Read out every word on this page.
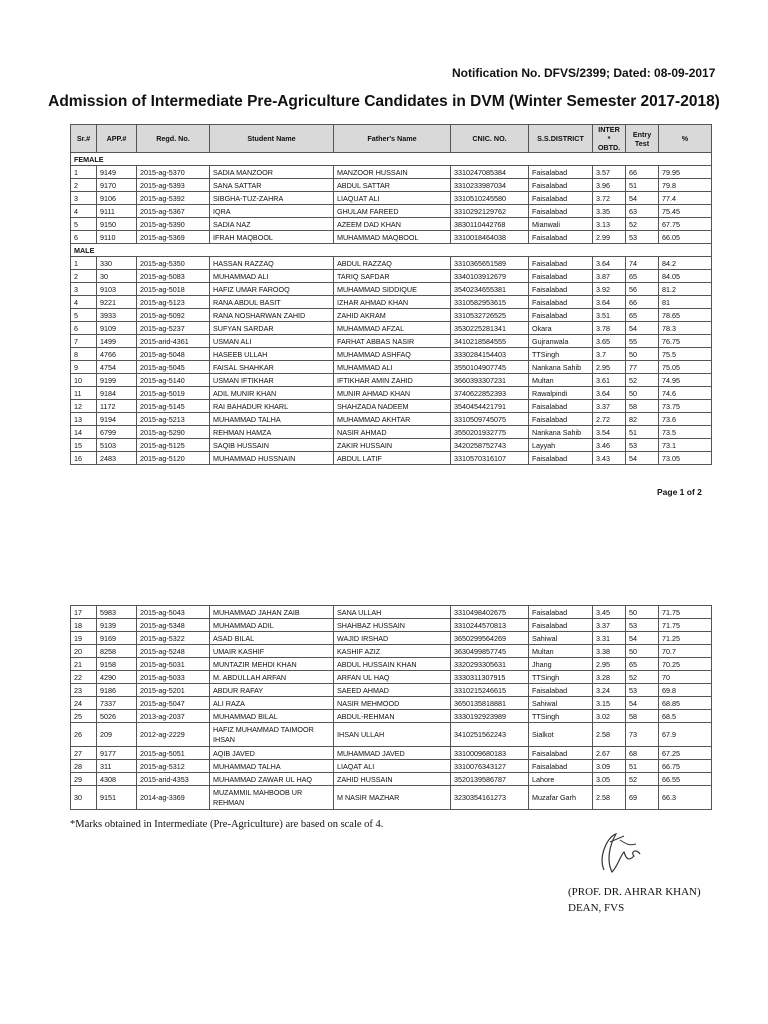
Notification No. DFVS/2399; Dated: 08-09-2017
Admission of Intermediate Pre-Agriculture Candidates in DVM (Winter Semester 2017-2018)
Sr.#	APP.#	Regd. No.	Student Name	Father's Name	CNIC. NO.	S.S.DISTRICT	INTER * OBTD.	Entry Test	%
FEMALE									
1	9149	2015-ag-5370	SADIA MANZOOR	MANZOOR HUSSAIN	3310247085384	Faisalabad	3.57	66	79.95
2	9170	2015-ag-5393	SANA SATTAR	ABDUL SATTAR	3310233987034	Faisalabad	3.96	51	79.8
3	9106	2015-ag-5392	SIBGHA-TUZ-ZAHRA	LIAQUAT ALI	3310510245580	Faisalabad	3.72	54	77.4
4	9111	2015-ag-5367	IQRA	GHULAM FAREED	3310292129762	Faisalabad	3.35	63	75.45
5	9150	2015-ag-5390	SADIA NAZ	AZEEM DAD KHAN	3830110442768	Mianwali	3.13	52	67.75
6	9110	2015-ag-5369	IFRAH MAQBOOL	MUHAMMAD MAQBOOL	3310018464038	Faisalabad	2.99	53	66.05
MALE									
1	330	2015-ag-5350	HASSAN RAZZAQ	ABDUL RAZZAQ	3310365651589	Faisalabad	3.64	74	84.2
2	30	2015-ag-5083	MUHAMMAD ALI	TARIQ SAFDAR	3340103912679	Faisalabad	3.87	65	84.05
3	9103	2015-ag-5018	HAFIZ UMAR FAROOQ	MUHAMMAD SIDDIQUE	3540234655381	Faisalabad	3.92	56	81.2
4	9221	2015-ag-5123	RANA ABDUL BASIT	IZHAR AHMAD KHAN	3310582953615	Faisalabad	3.64	66	81
5	3933	2015-ag-5092	RANA NOSHARWAN ZAHID	ZAHID AKRAM	3310532726525	Faisalabad	3.51	65	78.65
6	9109	2015-ag-5237	SUFYAN SARDAR	MUHAMMAD AFZAL	3530225281341	Okara	3.78	54	78.3
7	1499	2015-arid-4361	USMAN ALI	FARHAT ABBAS NASIR	3410218584555	Gujranwala	3.65	55	76.75
8	4766	2015-ag-5048	HASEEB ULLAH	MUHAMMAD ASHFAQ	3330284154403	TTSingh	3.7	50	75.5
9	4754	2015-ag-5045	FAISAL SHAHKAR	MUHAMMAD ALI	3550104907745	Nankana Sahib	2.95	77	75.05
10	9199	2015-ag-5140	USMAN IFTIKHAR	IFTIKHAR AMIN ZAHID	3660393307231	Multan	3.61	52	74.95
11	9184	2015-ag-5019	ADIL MUNIR KHAN	MUNIR AHMAD KHAN	3740622852393	Rawalpindi	3.64	50	74.6
12	1172	2015-ag-5145	RAI BAHADUR KHARL	SHAHZADA NADEEM	3540454421791	Faisalabad	3.37	58	73.75
13	9194	2015-ag-5213	MUHAMMAD TALHA	MUHAMMAD AKHTAR	3310509745075	Faisalabad	2.72	82	73.6
14	6799	2015-ag-5290	REHMAN HAMZA	NASIR AHMAD	3550201932775	Nankana Sahib	3.54	51	73.5
15	5103	2015-ag-5125	SAQIB HUSSAIN	ZAKIR HUSSAIN	3420258752743	Layyah	3.46	53	73.1
16	2483	2015-ag-5120	MUHAMMAD HUSSNAIN	ABDUL LATIF	3310570316107	Faisalabad	3.43	54	73.05
Page 1 of 2
17	5983	2015-ag-5043	MUHAMMAD JAHAN ZAIB	SANA ULLAH	3310498402675	Faisalabad	3.45	50	71.75
18	9139	2015-ag-5348	MUHAMMAD ADIL	SHAHBAZ HUSSAIN	3310244570813	Faisalabad	3.37	53	71.75
19	9169	2015-ag-5322	ASAD BILAL	WAJID IRSHAD	3650299564269	Sahiwal	3.31	54	71.25
20	8258	2015-ag-5248	UMAIR KASHIF	KASHIF AZIZ	3630499857745	Multan	3.38	50	70.7
21	9158	2015-ag-5031	MUNTAZIR MEHDI KHAN	ABDUL HUSSAIN KHAN	3320293305631	Jhang	2.95	65	70.25
22	4290	2015-ag-5033	M. ABDULLAH ARFAN	ARFAN UL HAQ	3330311307915	TTSingh	3.28	52	70
23	9186	2015-ag-5201	ABDUR RAFAY	SAEED AHMAD	3310215246615	Faisalabad	3.24	53	69.8
24	7337	2015-ag-5047	ALI RAZA	NASIR MEHMOOD	3650135818881	Sahiwal	3.15	54	68.85
25	5026	2013-ag-2037	MUHAMMAD BILAL	ABDUL-REHMAN	3330192923989	TTSingh	3.02	58	68.5
26	209	2012-ag-2229	HAFIZ MUHAMMAD TAIMOOR IHSAN	IHSAN ULLAH	3410251562243	Sialkot	2.58	73	67.9
27	9177	2015-ag-5051	AQIB JAVED	MUHAMMAD JAVED	3310009680183	Faisalabad	2.67	68	67.25
28	311	2015-ag-5312	MUHAMMAD TALHA	LIAQAT ALI	3310076343127	Faisalabad	3.09	51	66.75
29	4308	2015-arid-4353	MUHAMMAD ZAWAR UL HAQ	ZAHID HUSSAIN	3520139586787	Lahore	3.05	52	66.55
30	9151	2014-ag-3369	MUZAMMIL MAHBOOB UR REHMAN	M NASIR MAZHAR	3230354161273	Muzafar Garh	2.58	69	66.3
*Marks obtained in Intermediate (Pre-Agriculture) are based on scale of 4.
(PROF. DR. AHRAR KHAN)
DEAN, FVS
